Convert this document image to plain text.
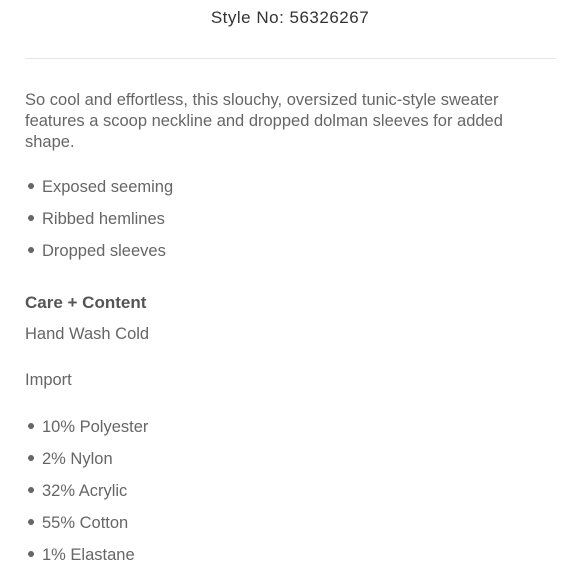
Style No: 56326267
So cool and effortless, this slouchy, oversized tunic-style sweater features a scoop neckline and dropped dolman sleeves for added shape.
Exposed seeming
Ribbed hemlines
Dropped sleeves
Care + Content
Hand Wash Cold
Import
10% Polyester
2% Nylon
32% Acrylic
55% Cotton
1% Elastane
